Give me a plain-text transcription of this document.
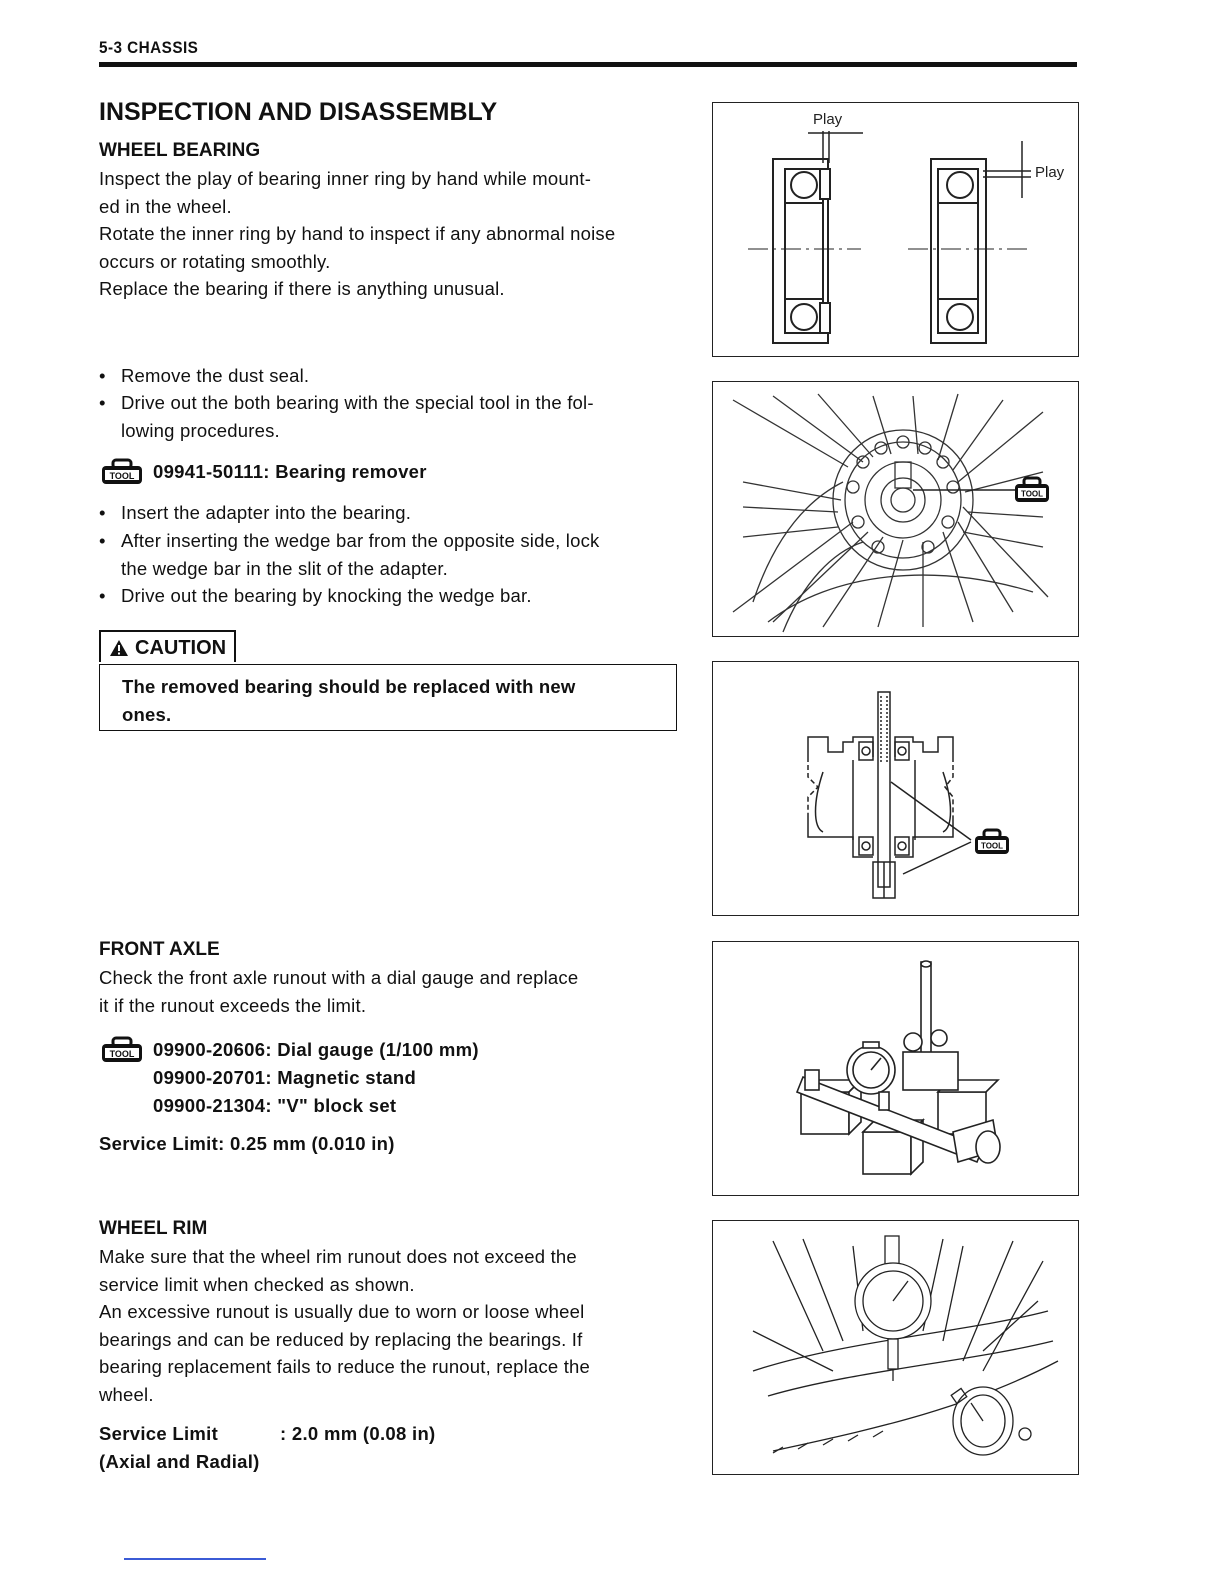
5-3 CHASSIS
INSPECTION AND DISASSEMBLY
WHEEL BEARING
Inspect the play of bearing inner ring by hand while mount-
ed in the wheel.
Rotate the inner ring by hand to inspect if any abnormal noise
occurs or rotating smoothly.
Replace the bearing if there is anything unusual.
• Remove the dust seal.
• Drive out the both bearing with the special tool in the fol-
lowing procedures.
TOOL 09941-50111: Bearing remover
• Insert the adapter into the bearing.
• After inserting the wedge bar from the opposite side, lock
the wedge bar in the slit of the adapter.
• Drive out the bearing by knocking the wedge bar.
CAUTION
The removed bearing should be replaced with new
ones.
FRONT AXLE
Check the front axle runout with a dial gauge and replace
it if the runout exceeds the limit.
TOOL 09900-20606: Dial gauge (1/100 mm)
09900-20701: Magnetic stand
09900-21304: "V" block set
Service Limit: 0.25 mm (0.010 in)
WHEEL RIM
Make sure that the wheel rim runout does not exceed the
service limit when checked as shown.
An excessive runout is usually due to worn or loose wheel
bearings and can be reduced by replacing the bearings. If
bearing replacement fails to reduce the runout, replace the
wheel.
Service Limit	: 2.0 mm (0.08 in)
(Axial and Radial)
Play
Play
TOOL
TOOL
